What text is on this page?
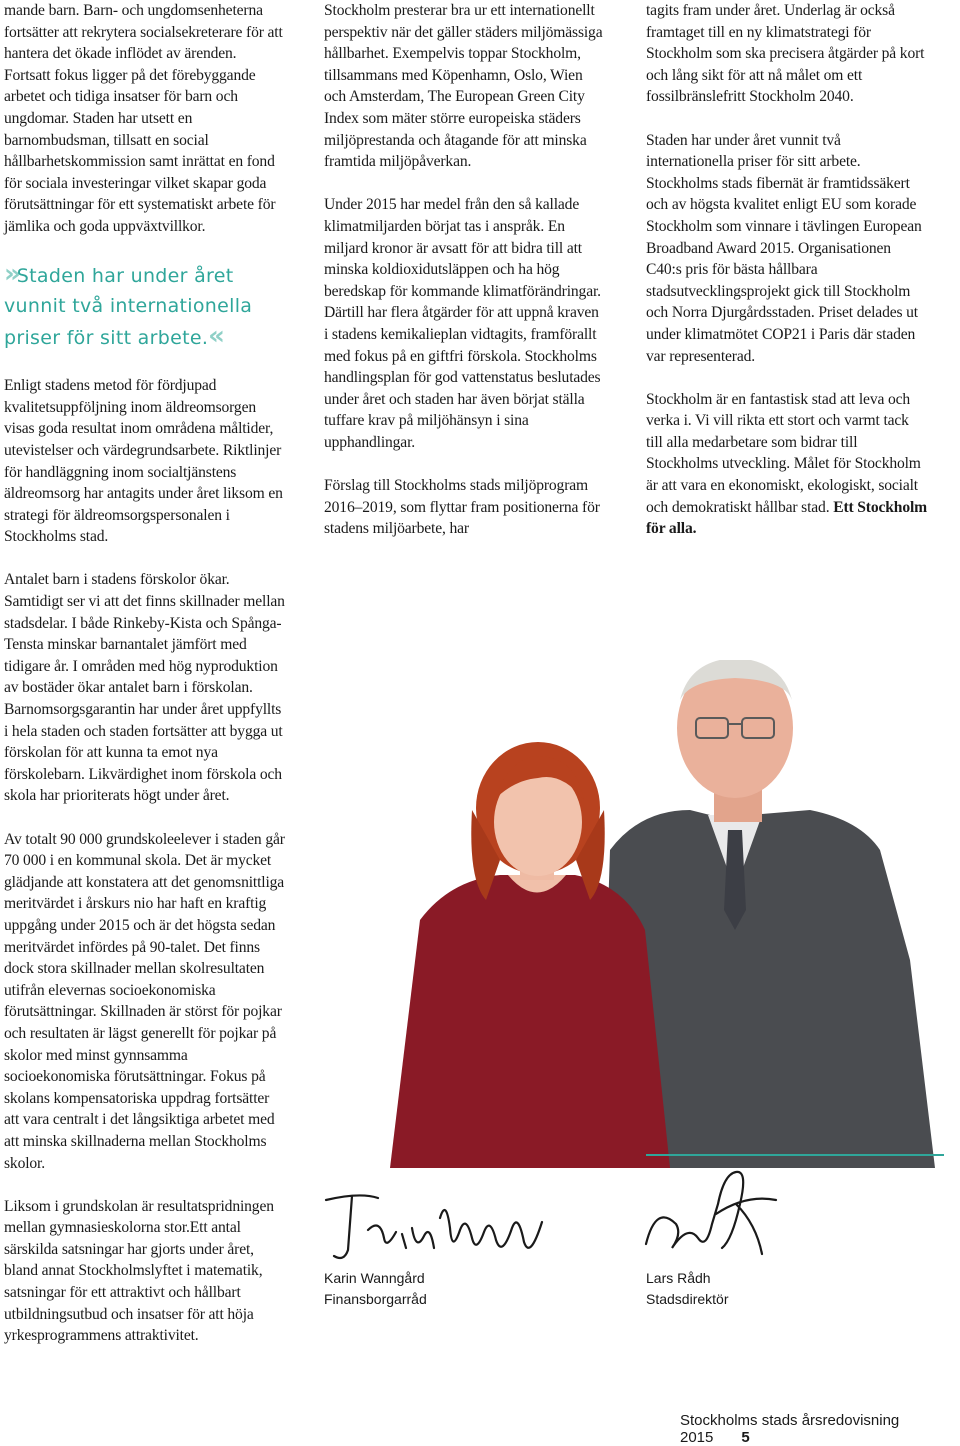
mande barn. Barn- och ungdomsenheterna fortsätter att rekrytera socialsekreterare för att hantera det ökade inflödet av ärenden. Fortsatt fokus ligger på det förebyggande arbetet och tidiga insatser för barn och ungdomar. Staden har utsett en barnombudsman, tillsatt en social hållbarhetskommission samt inrättat en fond för sociala investeringar vilket skapar goda förutsättningar för ett systematiskt arbete för jämlika och goda uppväxtvillkor.

»Staden har under året vunnit två internationella priser för sitt arbete.«

Enligt stadens metod för fördjupad kvalitetsuppföljning inom äldreomsorgen visas goda resultat inom områdena måltider, utevistelser och värdegrundsarbete. Riktlinjer för handläggning inom socialtjänstens äldreomsorg har antagits under året liksom en strategi för äldreomsorgspersonalen i Stockholms stad.

Antalet barn i stadens förskolor ökar. Samtidigt ser vi att det finns skillnader mellan stadsdelar. I både Rinkeby-Kista och Spånga-Tensta minskar barnantalet jämfört med tidigare år. I områden med hög nyproduktion av bostäder ökar antalet barn i förskolan. Barnomsorgsgarantin har under året uppfyllts i hela staden och staden fortsätter att bygga ut förskolan för att kunna ta emot nya förskolebarn. Likvärdighet inom förskola och skola har prioriterats högt under året.

Av totalt 90 000 grundskoleelever i staden går 70 000 i en kommunal skola. Det är mycket glädjande att konstatera att det genomsnittliga meritvärdet i årskurs nio har haft en kraftig uppgång under 2015 och är det högsta sedan meritvärdet infördes på 90-talet. Det finns dock stora skillnader mellan skolresultaten utifrån elevernas socioekonomiska förutsättningar. Skillnaden är störst för pojkar och resultaten är lägst generellt för pojkar på skolor med minst gynnsamma socioekonomiska förutsättningar. Fokus på skolans kompensatoriska uppdrag fortsätter att vara centralt i det långsiktiga arbetet med att minska skillnaderna mellan Stockholms skolor.

Liksom i grundskolan är resultatspridningen mellan gymnasieskolorna stor.Ett antal särskilda satsningar har gjorts under året, bland annat Stockholmslyftet i matematik, satsningar för ett attraktivt och hållbart utbildningsutbud och insatser för att höja yrkesprogrammens attraktivitet.

Stockholm presterar bra ur ett internationellt perspektiv när det gäller städers miljömässiga hållbarhet. Exempelvis toppar Stockholm, tillsammans med Köpenhamn, Oslo, Wien och Amsterdam, The European Green City Index som mäter större europeiska städers miljöprestanda och åtagande för att minska framtida miljöpåverkan.

Under 2015 har medel från den så kallade klimatmiljarden börjat tas i anspråk. En miljard kronor är avsatt för att bidra till att minska koldioxidutsläppen och ha hög beredskap för kommande klimatförändringar. Därtill har flera åtgärder för att uppnå kraven i stadens kemikalieplan vidtagits, framförallt med fokus på en giftfri förskola. Stockholms handlingsplan för god vattenstatus beslutades under året och staden har även börjat ställa tuffare krav på miljöhänsyn i sina upphandlingar.

Förslag till Stockholms stads miljöprogram 2016–2019, som flyttar fram positionerna för stadens miljöarbete, har

tagits fram under året. Underlag är också framtaget till en ny klimatstrategi för Stockholm som ska precisera åtgärder på kort och lång sikt för att nå målet om ett fossilbränslefritt Stockholm 2040.

Staden har under året vunnit två internationella priser för sitt arbete. Stockholms stads fibernät är framtidssäkert och av högsta kvalitet enligt EU som korade Stockholm som vinnare i tävlingen European Broadband Award 2015. Organisationen C40:s pris för bästa hållbara stadsutvecklingsprojekt gick till Stockholm och Norra Djurgårdsstaden. Priset delades ut under klimatmötet COP21 i Paris där staden var representerad.

Stockholm är en fantastisk stad att leva och verka i. Vi vill rikta ett stort och varmt tack till alla medarbetare som bidrar till Stockholms utveckling. Målet för Stockholm är att vara en ekonomiskt, ekologiskt, socialt och demokratiskt hållbar stad. Ett Stockholm för alla.

Karin Wanngård
Finansborgarråd
Lars Rådh
Stadsdirektör
Stockholms stads årsredovisning 2015 5
